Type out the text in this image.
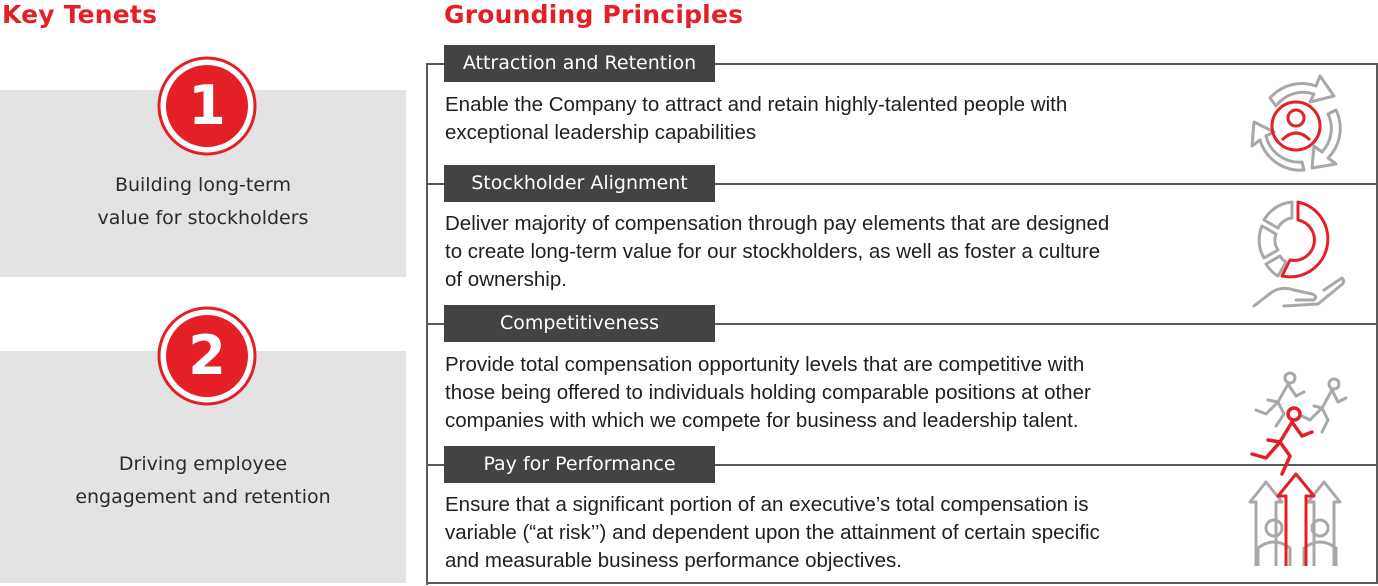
Key Tenets	Grounding Principles
1
2
Building long-term
value for stockholders
Driving employee
engagement and retention
Attraction and Retention
Stockholder Alignment
Competitiveness
Pay for Performance
Enable the Company to attract and retain highly-talented people with
exceptional leadership capabilities
Deliver majority of compensation through pay elements that are designed
to create long-term value for our stockholders, as well as foster a culture
of ownership.
Provide total compensation opportunity levels that are competitive with
those being offered to individuals holding comparable positions at other
companies with which we compete for business and leadership talent.
Ensure that a significant portion of an executive’s total compensation is
variable (“at risk’’) and dependent upon the attainment of certain specific
and measurable business performance objectives.
